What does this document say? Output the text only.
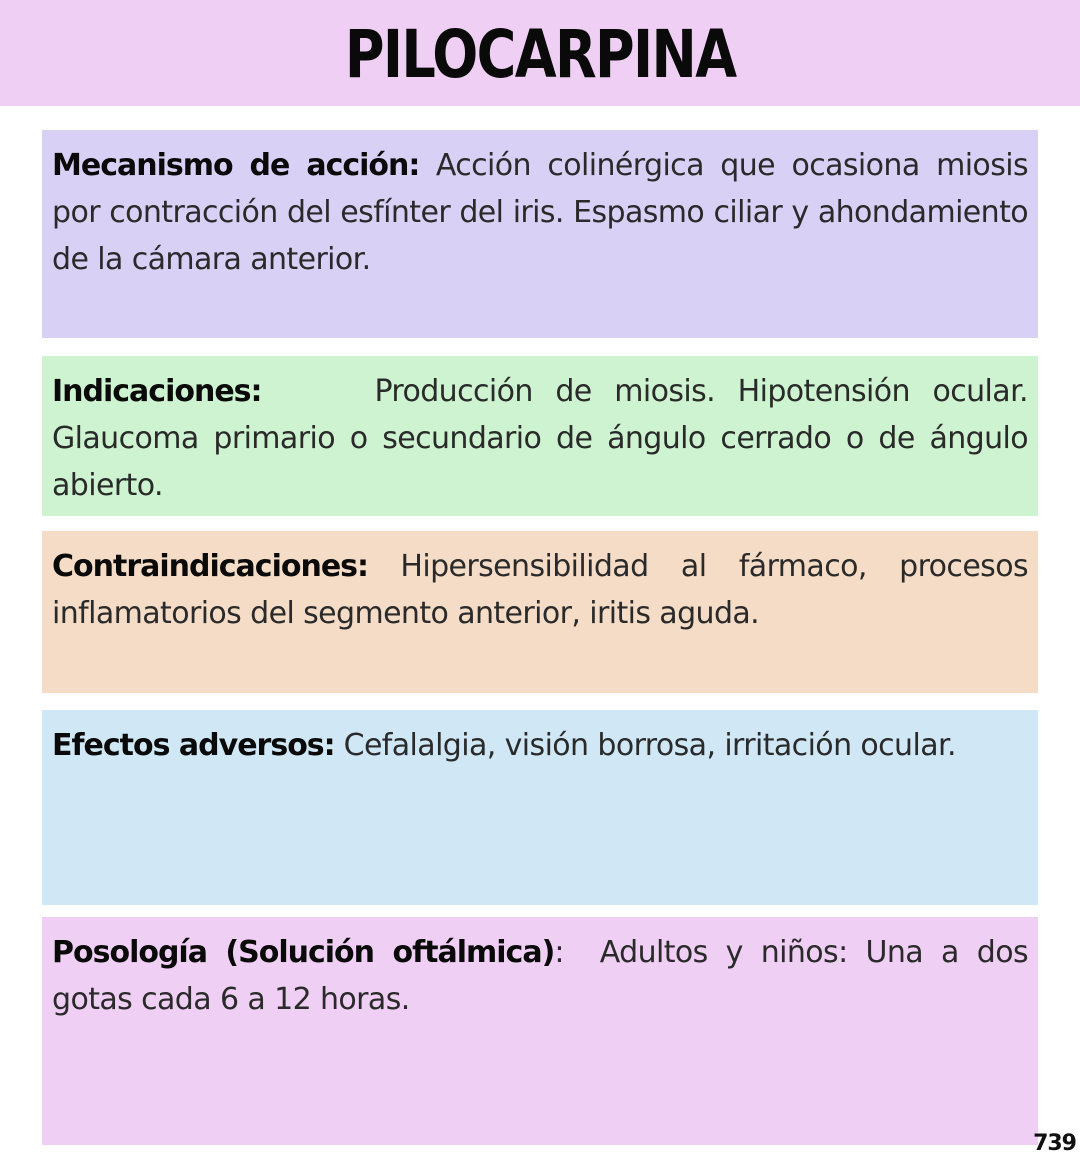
PILOCARPINA

Mecanismo de acción: Acción colinérgica que ocasiona miosis por contracción del esfínter del iris. Espasmo ciliar y ahondamiento de la cámara anterior.

Indicaciones:     Producción de miosis. Hipotensión ocular. Glaucoma primario o secundario de ángulo cerrado o de ángulo abierto.

Contraindicaciones: Hipersensibilidad al fármaco, procesos inflamatorios del segmento anterior, iritis aguda.

Efectos adversos: Cefalalgia, visión borrosa, irritación ocular.

Posología (Solución oftálmica):  Adultos y niños: Una a dos gotas cada 6 a 12 horas.

739
